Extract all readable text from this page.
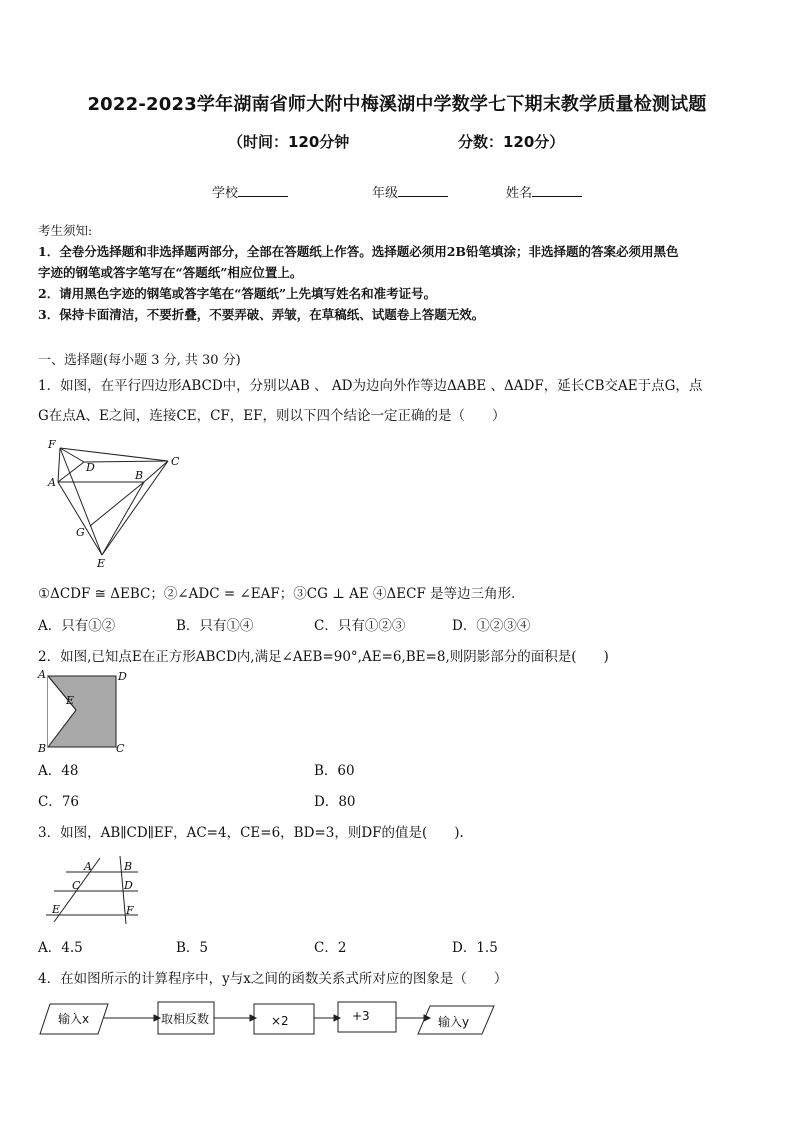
2022-2023学年湖南省师大附中梅溪湖中学数学七下期末教学质量检测试题
（时间：120分钟	分数：120分）
学校	年级	姓名
考生须知:
1．全卷分选择题和非选择题两部分，全部在答题纸上作答。选择题必须用2B铅笔填涂；非选择题的答案必须用黑色
字迹的钢笔或答字笔写在“答题纸”相应位置上。
2．请用黑色字迹的钢笔或答字笔在“答题纸”上先填写姓名和准考证号。
3．保持卡面清洁，不要折叠，不要弄破、弄皱，在草稿纸、试题卷上答题无效。
一、选择题(每小题 3 分, 共 30 分)
1．如图，在平行四边形ABCD中，分别以AB 、 AD为边向外作等边ΔABE 、ΔADF，延长CB交AE于点G，点
G在点A、E之间，连接CE，CF，EF，则以下四个结论一定正确的是（　　）
F
D	C
B
A
G
E
①ΔCDF ≅ ΔEBC；②∠ADC = ∠EAF；③CG ⊥ AE ④ΔECF 是等边三角形．
A．只有①②	B．只有①④	C．只有①②③	D．①②③④
2．如图,已知点E在正方形ABCD内,满足∠AEB=90°,AE=6,BE=8,则阴影部分的面积是(　　)
A	D
E
B	C
A．48	B．60
C．76	D．80
3．如图，AB∥CD∥EF，AC=4，CE=6，BD=3，则DF的值是(　　).
A	B
C	D
E	F
A．4.5	B．5	C．2	D．1.5
4．在如图所示的计算程序中，y与x之间的函数关系式所对应的图象是（　　）
输入x	取相反数	×2	+3	输入y
